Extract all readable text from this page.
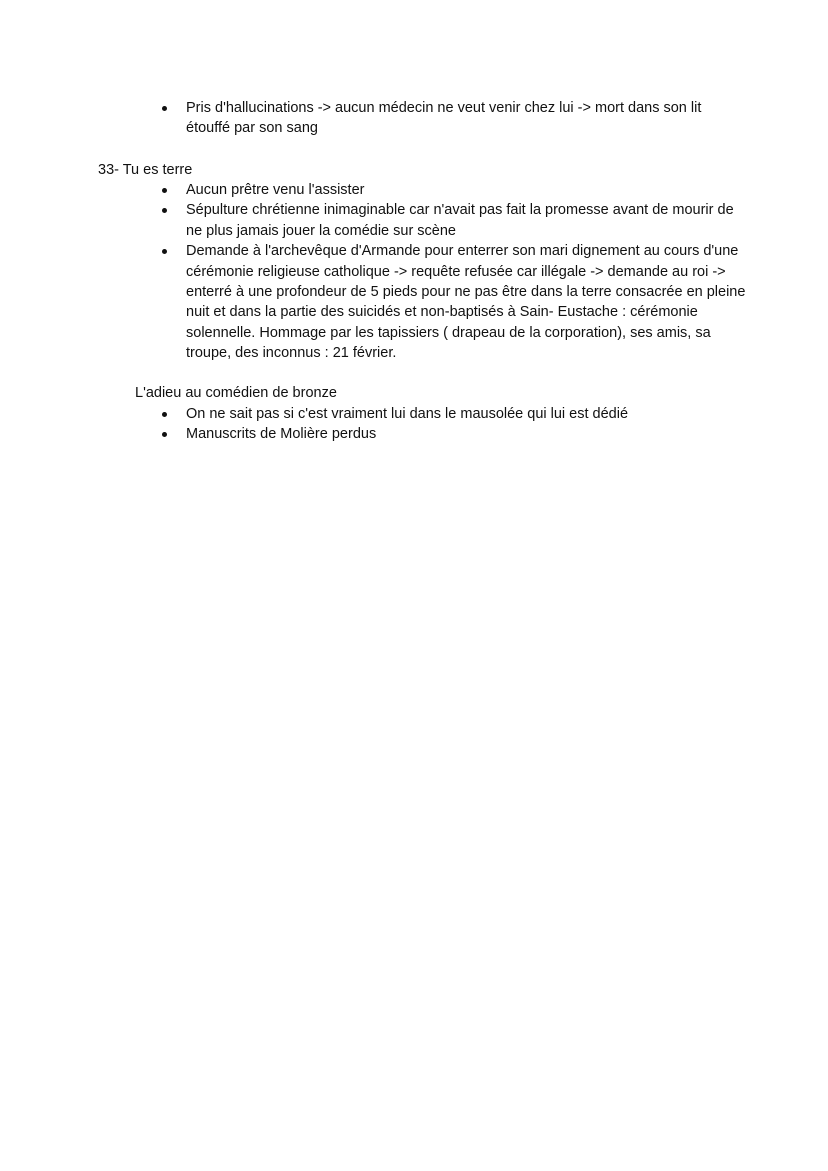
Pris d'hallucinations -> aucun médecin ne veut venir chez lui -> mort dans son lit étouffé par son sang
33- Tu es terre
Aucun prêtre venu l'assister
Sépulture chrétienne inimaginable car n'avait pas fait la promesse avant de mourir de ne plus jamais jouer la comédie sur scène
Demande à l'archevêque d'Armande pour enterrer son mari dignement au cours d'une cérémonie religieuse catholique -> requête refusée car illégale -> demande au roi -> enterré à une profondeur de 5 pieds pour ne pas être dans la terre consacrée en pleine nuit et dans la partie des suicidés et non-baptisés à Sain- Eustache : cérémonie solennelle. Hommage par les tapissiers ( drapeau de la corporation), ses amis, sa troupe, des inconnus : 21 février.
L'adieu au comédien de bronze
On ne sait pas si c'est vraiment lui dans le mausolée qui lui est dédié
Manuscrits de Molière perdus
